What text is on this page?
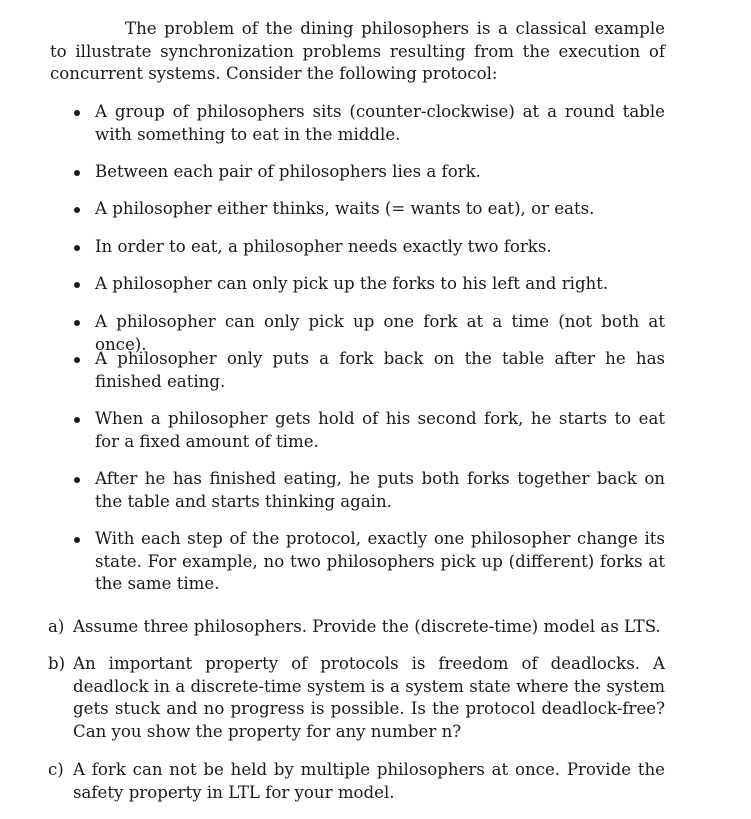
The problem of the dining philosophers is a classical example to illustrate synchronization problems resulting from the execution of concurrent systems. Consider the following protocol:

A group of philosophers sits (counter-clockwise) at a round table with something to eat in the middle.
Between each pair of philosophers lies a fork.
A philosopher either thinks, waits (= wants to eat), or eats.
In order to eat, a philosopher needs exactly two forks.
A philosopher can only pick up the forks to his left and right.
A philosopher can only pick up one fork at a time (not both at once).
A philosopher only puts a fork back on the table after he has finished eating.
When a philosopher gets hold of his second fork, he starts to eat for a fixed amount of time.
After he has finished eating, he puts both forks together back on the table and starts thinking again.
With each step of the protocol, exactly one philosopher change its state. For example, no two philosophers pick up (different) forks at the same time.
a) Assume three philosophers. Provide the (discrete-time) model as LTS.
b) An important property of protocols is freedom of deadlocks. A deadlock in a discrete-time system is a system state where the system gets stuck and no progress is possible. Is the protocol deadlock-free? Can you show the property for any number n?
c) A fork can not be held by multiple philosophers at once. Provide the safety property in LTL for your model.
